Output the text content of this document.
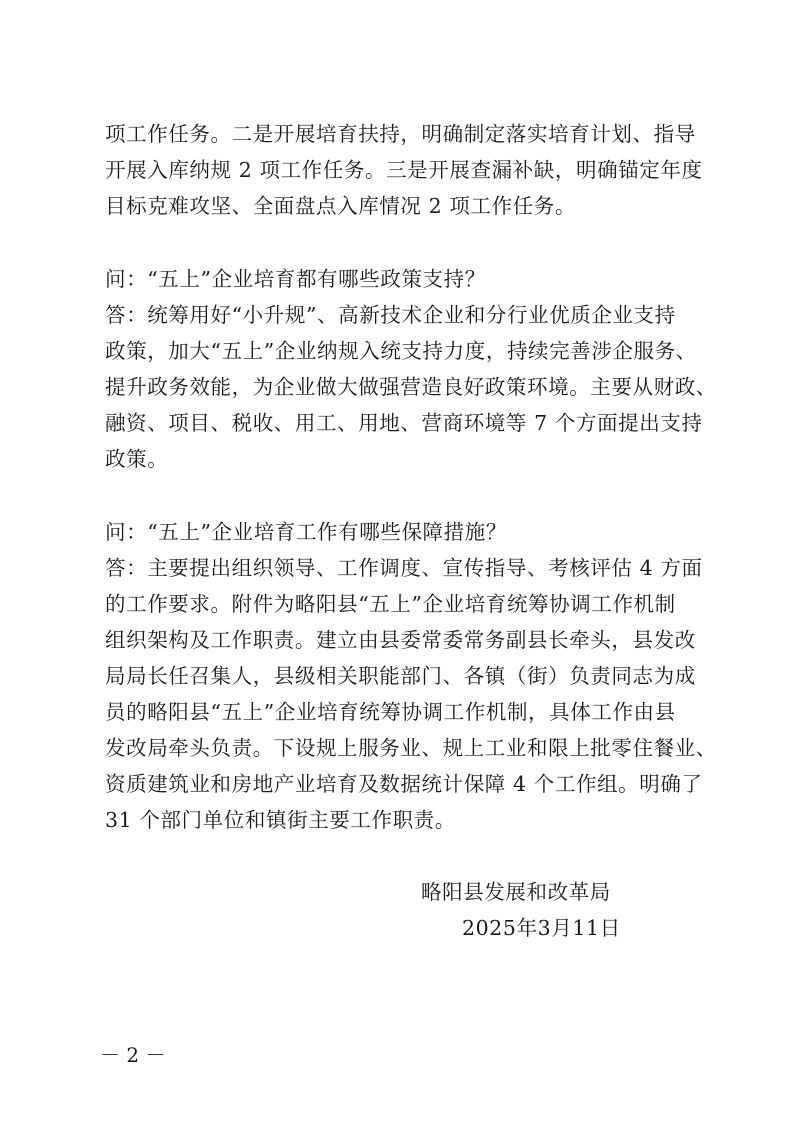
项工作任务。二是开展培育扶持，明确制定落实培育计划、指导
开展入库纳规 2 项工作任务。三是开展查漏补缺，明确锚定年度
目标克难攻坚、全面盘点入库情况 2 项工作任务。
问：“五上”企业培育都有哪些政策支持？
答：统筹用好“小升规”、高新技术企业和分行业优质企业支持
政策，加大“五上”企业纳规入统支持力度，持续完善涉企服务、
提升政务效能，为企业做大做强营造良好政策环境。主要从财政、
融资、项目、税收、用工、用地、营商环境等 7 个方面提出支持
政策。
问：“五上”企业培育工作有哪些保障措施？
答：主要提出组织领导、工作调度、宣传指导、考核评估 4 方面
的工作要求。附件为略阳县“五上”企业培育统筹协调工作机制
组织架构及工作职责。建立由县委常委常务副县长牵头，县发改
局局长任召集人，县级相关职能部门、各镇（街）负责同志为成
员的略阳县“五上”企业培育统筹协调工作机制，具体工作由县
发改局牵头负责。下设规上服务业、规上工业和限上批零住餐业、
资质建筑业和房地产业培育及数据统计保障 4 个工作组。明确了
31 个部门单位和镇街主要工作职责。
略阳县发展和改革局
2025年3月11日
－ 2 －
